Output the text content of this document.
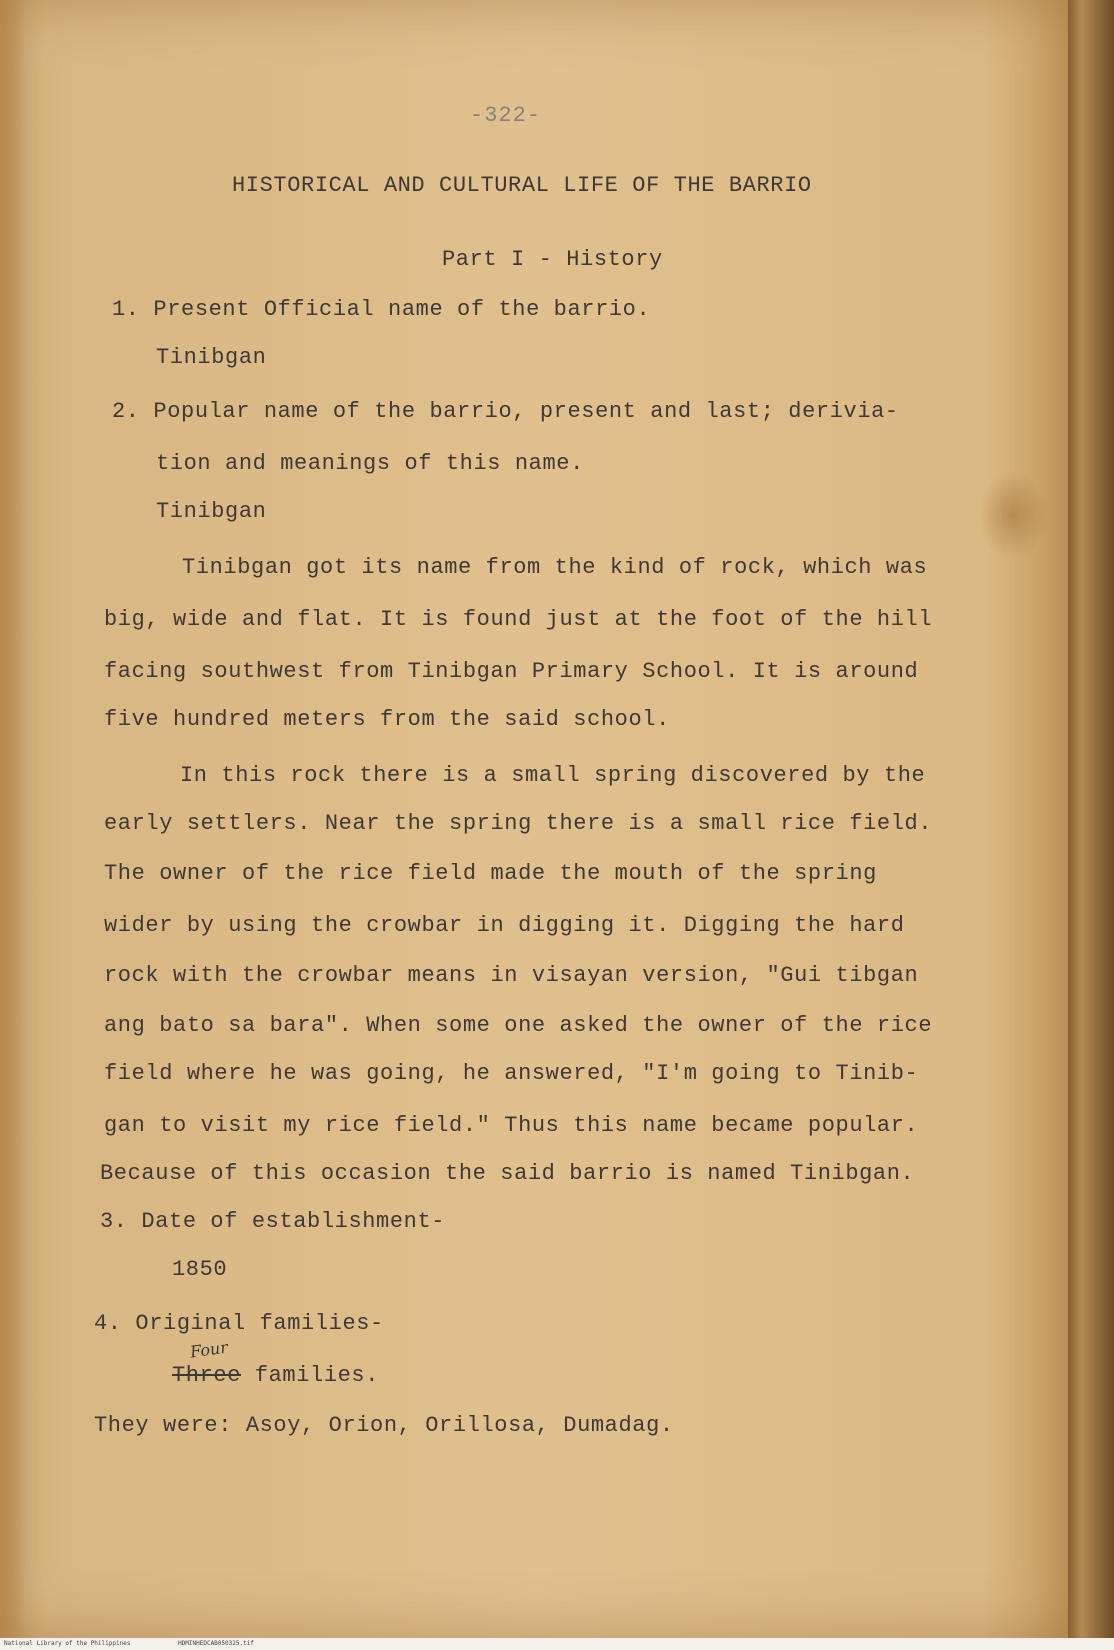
-322-

HISTORICAL AND CULTURAL LIFE OF THE BARRIO

Part I - History

1. Present Official name of the barrio.

Tinibgan

2. Popular name of the barrio, present and last; derivia-

tion and meanings of this name.

Tinibgan

Tinibgan got its name from the kind of rock, which was

big, wide and flat. It is found just at the foot of the hill

facing southwest from Tinibgan Primary School. It is around

five hundred meters from the said school.

In this rock there is a small spring discovered by the

early settlers. Near the spring there is a small rice field.

The owner of the rice field made the mouth of the spring

wider by using the crowbar in digging it. Digging the hard

rock with the crowbar means in visayan version, "Gui tibgan

ang bato sa bara". When some one asked the owner of the rice

field where he was going, he answered, "I'm going to Tinib-

gan to visit my rice field." Thus this name became popular.

Because of this occasion the said barrio is named Tinibgan.

3. Date of establishment-

1850

4. Original families-

Four

Three families.

They were: Asoy, Orion, Orillosa, Dumadag.

National Library of the Philippines	HDMINHEDCAB050325.tif
